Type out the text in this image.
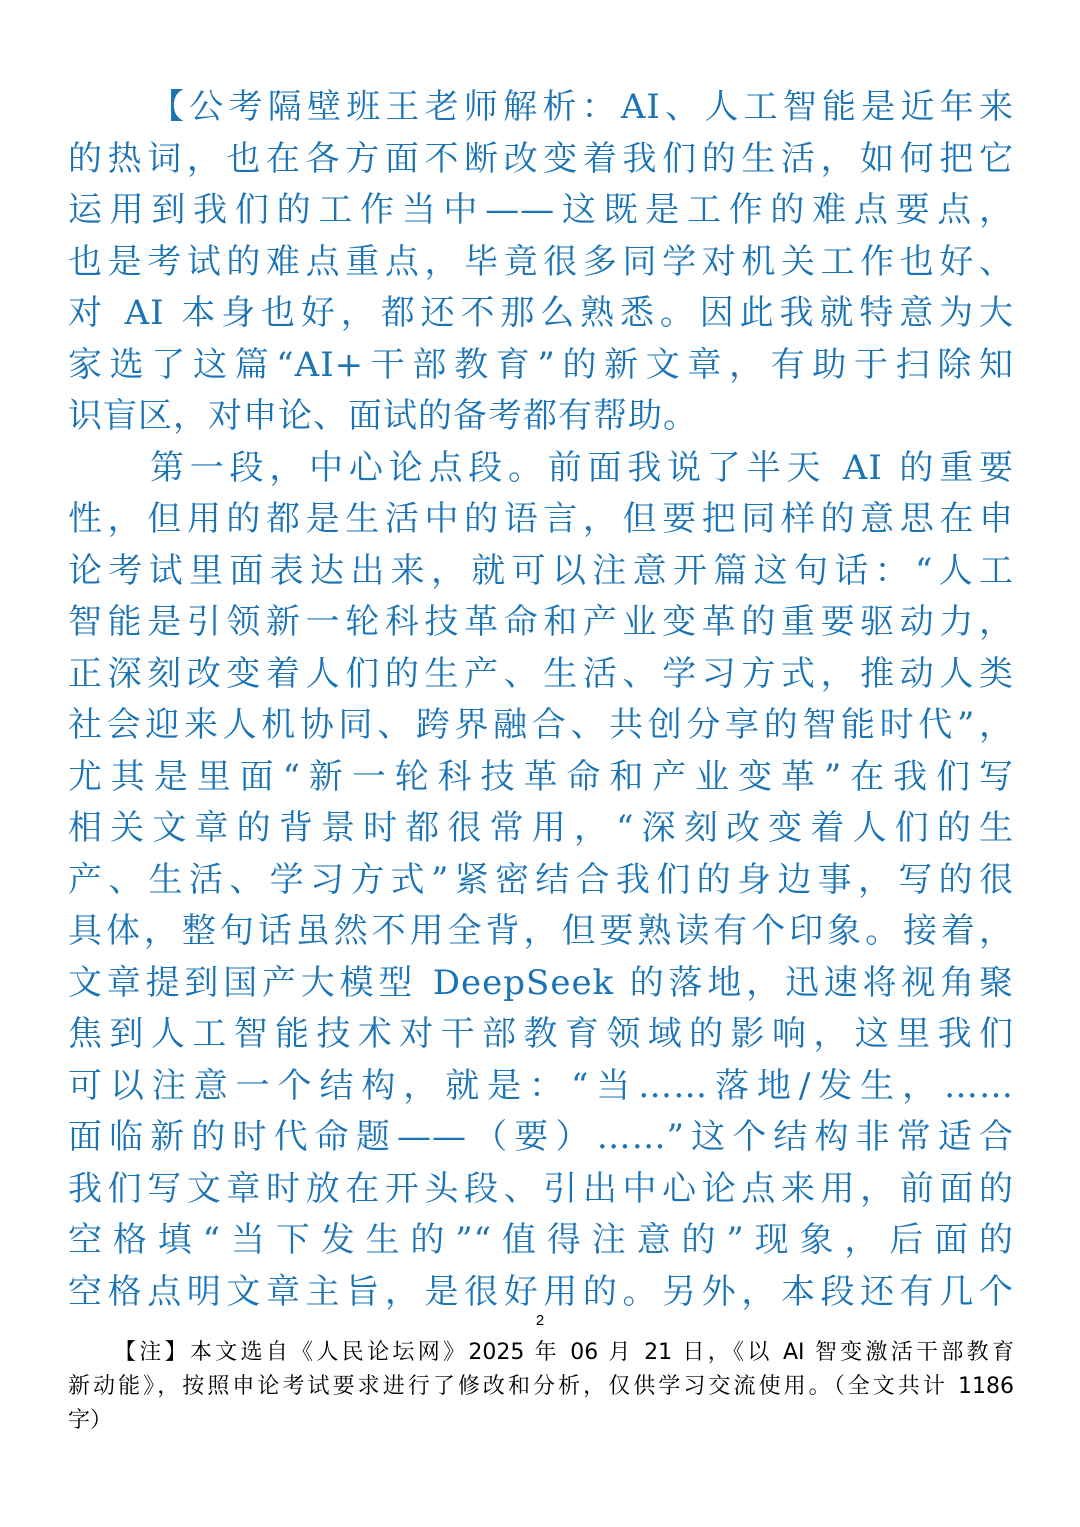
【公考隔壁班王老师解析：AI、人工智能是近年来
的热词，也在各方面不断改变着我们的生活，如何把它
运用到我们的工作当中——这既是工作的难点要点，
也是考试的难点重点，毕竟很多同学对机关工作也好、
对 AI 本身也好，都还不那么熟悉。因此我就特意为大
家选了这篇“AI+干部教育”的新文章，有助于扫除知
识盲区，对申论、面试的备考都有帮助。
第一段，中心论点段。前面我说了半天 AI 的重要
性，但用的都是生活中的语言，但要把同样的意思在申
论考试里面表达出来，就可以注意开篇这句话：“人工
智能是引领新一轮科技革命和产业变革的重要驱动力，
正深刻改变着人们的生产、生活、学习方式，推动人类
社会迎来人机协同、跨界融合、共创分享的智能时代”，
尤其是里面“新一轮科技革命和产业变革”在我们写
相关文章的背景时都很常用，“深刻改变着人们的生
产、生活、学习方式”紧密结合我们的身边事，写的很
具体，整句话虽然不用全背，但要熟读有个印象。接着，
文章提到国产大模型 DeepSeek 的落地，迅速将视角聚
焦到人工智能技术对干部教育领域的影响，这里我们
可以注意一个结构，就是：“当……落地/发生，……
面临新的时代命题——（要）……”这个结构非常适合
我们写文章时放在开头段、引出中心论点来用，前面的
空格填“当下发生的”“值得注意的”现象，后面的
空格点明文章主旨，是很好用的。另外，本段还有几个
2
【注】本文选自《人民论坛网》2025 年 06 月 21 日，《以 AI 智变激活干部教育
新动能》，按照申论考试要求进行了修改和分析，仅供学习交流使用。（全文共计 1186
字）
